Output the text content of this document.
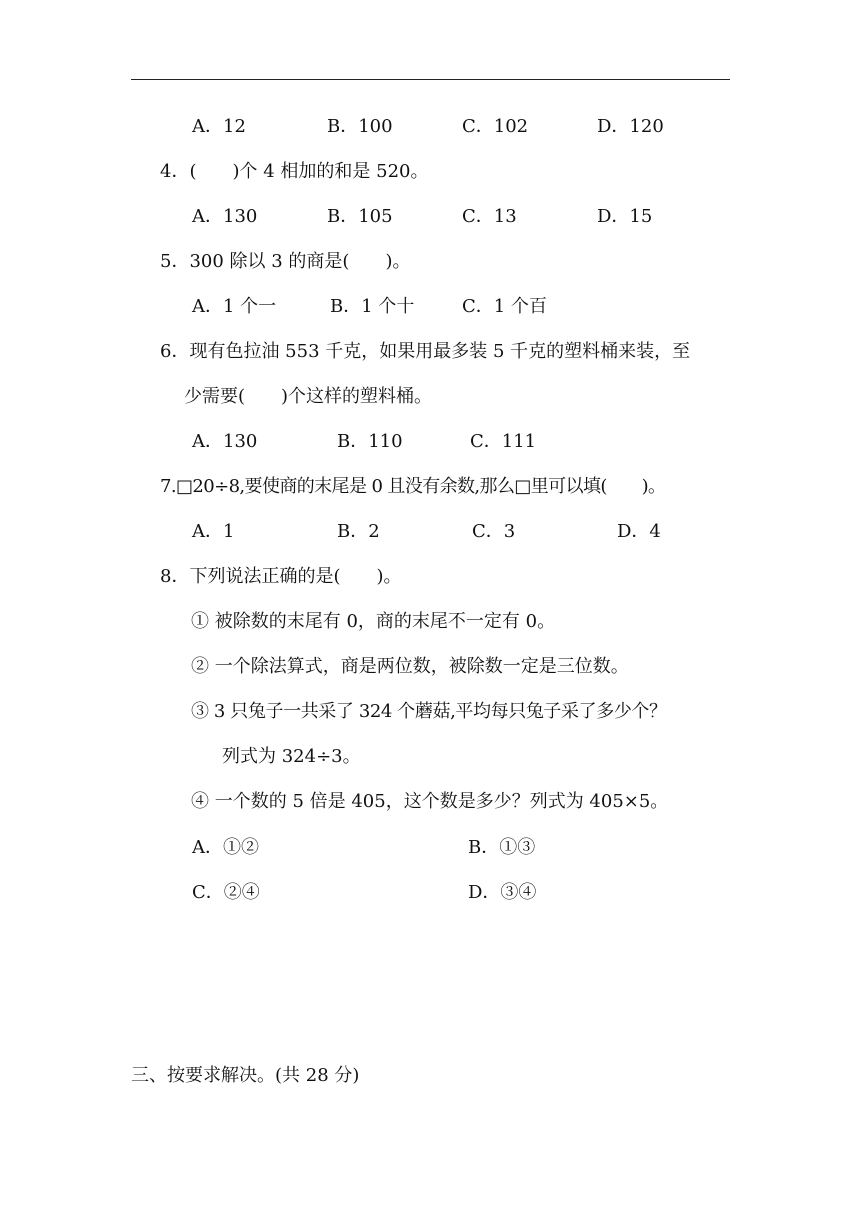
A．12	B．100	C．102	D．120
4．(　　)个 4 相加的和是 520。
A．130	B．105	C．13	D．15
5．300 除以 3 的商是(　　)。
A．1 个一	B．1 个十	C．1 个百
6．现有色拉油 553 千克，如果用最多装 5 千克的塑料桶来装，至
少需要(　　)个这样的塑料桶。
A．130	B．110	C．111
7.□20÷8,要使商的末尾是 0 且没有余数,那么□里可以填(　　)。
A．1	B．2	C．3	D．4
8．下列说法正确的是(　　)。
① 被除数的末尾有 0，商的末尾不一定有 0。
② 一个除法算式，商是两位数，被除数一定是三位数。
③ 3 只兔子一共采了 324 个蘑菇,平均每只兔子采了多少个？
列式为 324÷3。
④ 一个数的 5 倍是 405，这个数是多少？列式为 405×5。
A．①②	B．①③
C．②④	D．③④
三、按要求解决。(共 28 分)
